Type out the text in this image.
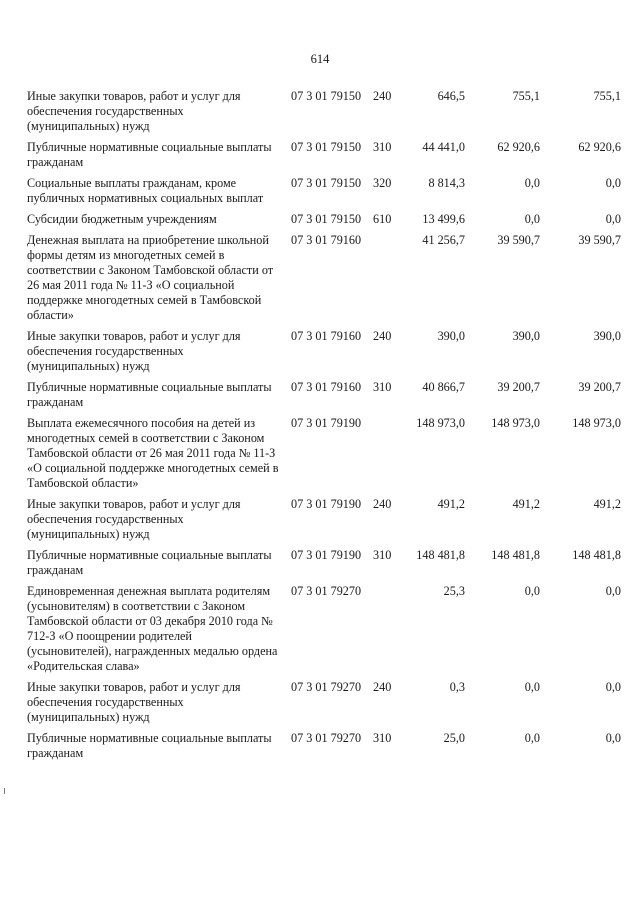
614
Иные закупки товаров, работ и услуг для обеспечения государственных (муниципальных) нужд	07 3 01 79150	240	646,5	755,1	755,1

Публичные нормативные социальные выплаты гражданам	07 3 01 79150	310	44 441,0	62 920,6	62 920,6

Социальные выплаты гражданам, кроме публичных нормативных социальных выплат	07 3 01 79150	320	8 814,3	0,0	0,0

Субсидии бюджетным учреждениям	07 3 01 79150	610	13 499,6	0,0	0,0

Денежная выплата на приобретение школьной формы детям из многодетных семей в соответствии с Законом Тамбовской области от 26 мая 2011 года № 11-З «О социальной поддержке многодетных семей в Тамбовской области»	07 3 01 79160		41 256,7	39 590,7	39 590,7

Иные закупки товаров, работ и услуг для обеспечения государственных (муниципальных) нужд	07 3 01 79160	240	390,0	390,0	390,0

Публичные нормативные социальные выплаты гражданам	07 3 01 79160	310	40 866,7	39 200,7	39 200,7

Выплата ежемесячного пособия на детей из многодетных семей в соответствии с Законом Тамбовской области от 26 мая 2011 года № 11-З «О социальной поддержке многодетных семей в Тамбовской области»	07 3 01 79190		148 973,0	148 973,0	148 973,0

Иные закупки товаров, работ и услуг для обеспечения государственных (муниципальных) нужд	07 3 01 79190	240	491,2	491,2	491,2

Публичные нормативные социальные выплаты гражданам	07 3 01 79190	310	148 481,8	148 481,8	148 481,8

Единовременная денежная выплата родителям (усыновителям) в соответствии с Законом Тамбовской области от 03 декабря 2010 года № 712-З «О поощрении родителей (усыновителей), награжденных медалью ордена «Родительская слава»	07 3 01 79270		25,3	0,0	0,0

Иные закупки товаров, работ и услуг для обеспечения государственных (муниципальных) нужд	07 3 01 79270	240	0,3	0,0	0,0

Публичные нормативные социальные выплаты гражданам	07 3 01 79270	310	25,0	0,0	0,0
